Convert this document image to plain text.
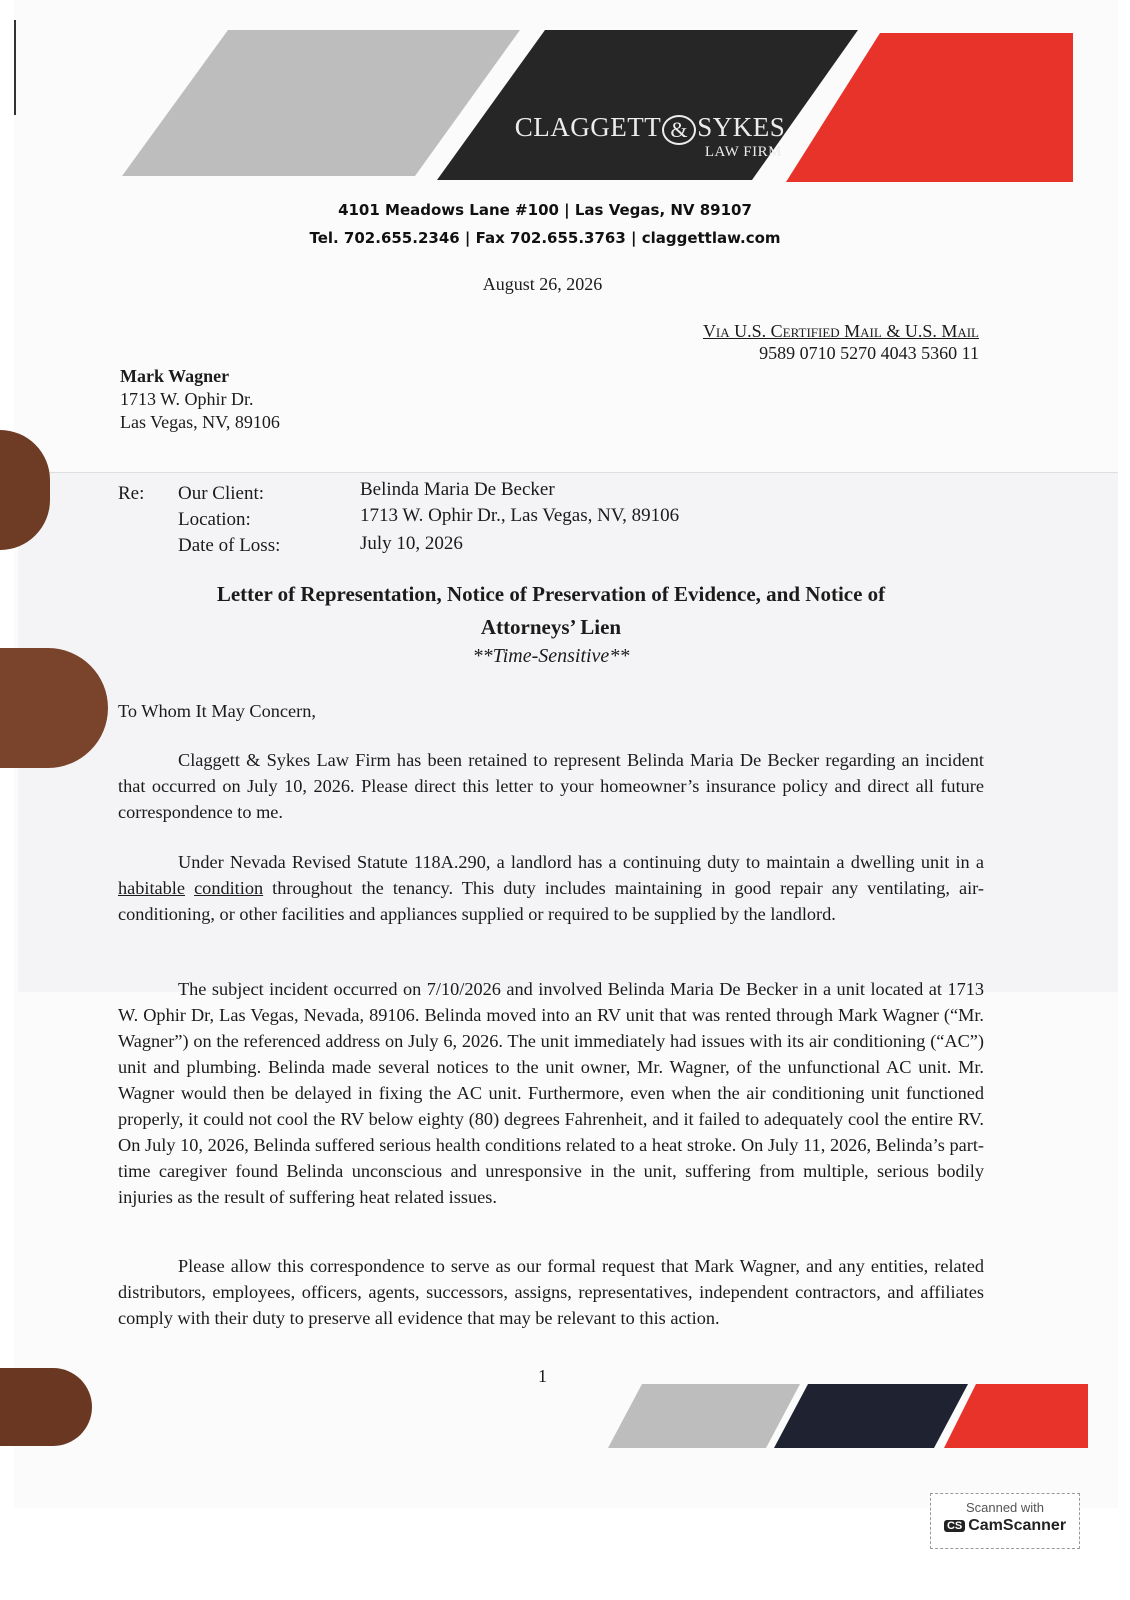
CLAGGETT & SYKES
LAW FIRM
4101 Meadows Lane #100 | Las Vegas, NV 89107
Tel. 702.655.2346 | Fax 702.655.3763 | claggettlaw.com
August 26, 2026
Via U.S. Certified Mail & U.S. Mail
9589 0710 5270 4043 5360 11
Mark Wagner
1713 W. Ophir Dr.
Las Vegas, NV, 89106
Re: Our Client:	Belinda Maria De Becker
Location:	1713 W. Ophir Dr., Las Vegas, NV, 89106
Date of Loss:	July 10, 2026
Letter of Representation, Notice of Preservation of Evidence, and Notice of
Attorneys’ Lien
**Time-Sensitive**
To Whom It May Concern,

Claggett & Sykes Law Firm has been retained to represent Belinda Maria De Becker regarding an incident that occurred on July 10, 2026. Please direct this letter to your homeowner’s insurance policy and direct all future correspondence to me.

Under Nevada Revised Statute 118A.290, a landlord has a continuing duty to maintain a dwelling unit in a habitable condition throughout the tenancy. This duty includes maintaining in good repair any ventilating, air-conditioning, or other facilities and appliances supplied or required to be supplied by the landlord.

The subject incident occurred on 7/10/2026 and involved Belinda Maria De Becker in a unit located at 1713 W. Ophir Dr, Las Vegas, Nevada, 89106. Belinda moved into an RV unit that was rented through Mark Wagner (“Mr. Wagner”) on the referenced address on July 6, 2026. The unit immediately had issues with its air conditioning (“AC”) unit and plumbing. Belinda made several notices to the unit owner, Mr. Wagner, of the unfunctional AC unit. Mr. Wagner would then be delayed in fixing the AC unit. Furthermore, even when the air conditioning unit functioned properly, it could not cool the RV below eighty (80) degrees Fahrenheit, and it failed to adequately cool the entire RV. On July 10, 2026, Belinda suffered serious health conditions related to a heat stroke. On July 11, 2026, Belinda’s part-time caregiver found Belinda unconscious and unresponsive in the unit, suffering from multiple, serious bodily injuries as the result of suffering heat related issues.

Please allow this correspondence to serve as our formal request that Mark Wagner, and any entities, related distributors, employees, officers, agents, successors, assigns, representatives, independent contractors, and affiliates comply with their duty to preserve all evidence that may be relevant to this action.

1
Scanned with
CS CamScanner
